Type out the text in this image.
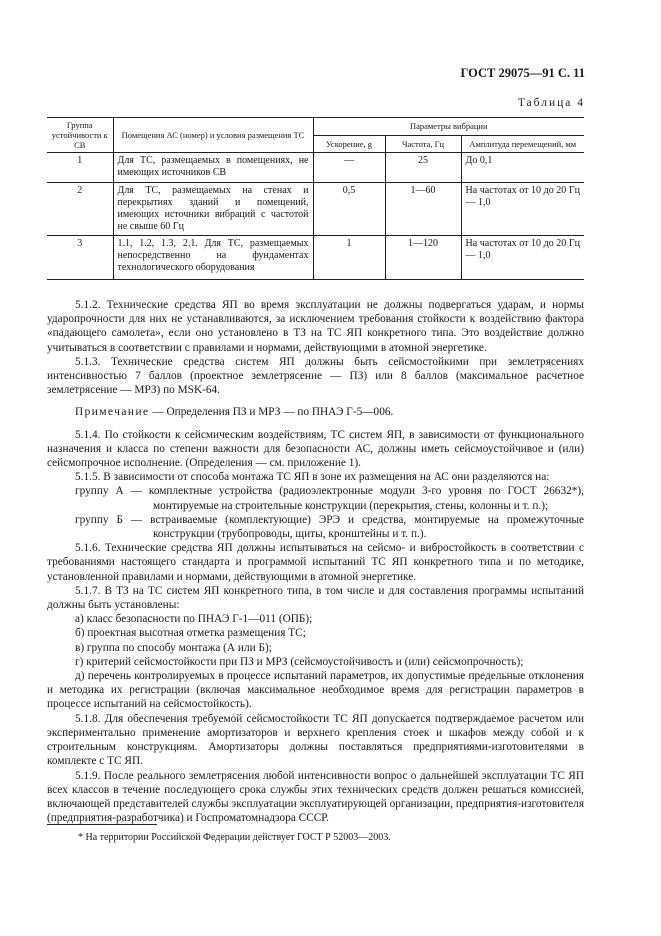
ГОСТ 29075—91 С. 11
Таблица 4
Группа устойчивости к СВ	Помещения АС (номер) и условия размещения ТС	Параметры вибрации		
		Ускорение, g	Частота, Гц	Амплитуда перемещений, мм
1	Для ТС, размещаемых в помещениях, не имеющих источников СВ	—	25	До 0,1
2	Для ТС, размещаемых на стенах и перекрытиях зданий и помещений, имеющих источники вибраций с частотой не свыше 60 Гц	0,5	1—60	На частотах от 10 до 20 Гц — 1,0
3	1.1, 1.2, 1.3, 2.1. Для ТС, размещаемых непосредственно на фундаментах технологического оборудования	1	1—120	На частотах от 10 до 20 Гц — 1,0

5.1.2. Технические средства ЯП во время эксплуатации не должны подвергаться ударам, и нормы ударопрочности для них не устанавливаются, за исключением требования стойкости к воздействию фактора «падающего самолета», если оно установлено в ТЗ на ТС ЯП конкретного типа. Это воздействие должно учитываться в соответствии с правилами и нормами, действующими в атомной энергетике.

5.1.3. Технические средства систем ЯП должны быть сейсмостойкими при землетрясениях интенсивностью 7 баллов (проектное землетрясение — ПЗ) или 8 баллов (максимальное расчетное землетрясение — МРЗ) по MSK-64.

Примечание — Определения ПЗ и МРЗ — по ПНАЭ Г-5—006.

5.1.4. По стойкости к сейсмическим воздействиям, ТС систем ЯП, в зависимости от функционального назначения и класса по степени важности для безопасности АС, должны иметь сейсмоустойчивое и (или) сейсмопрочное исполнение. (Определения — см. приложение 1).

5.1.5. В зависимости от способа монтажа ТС ЯП в зоне их размещения на АС они разделяются на:

группу А — комплектные устройства (радиоэлектронные модули 3-го уровня по ГОСТ 26632*), монтируемые на строительные конструкции (перекрытия, стены, колонны и т. п.);

группу Б — встраиваемые (комплектующие) ЭРЭ и средства, монтируемые на промежуточные конструкции (трубопроводы, щиты, кронштейны и т. п.).

5.1.6. Технические средства ЯП должны испытываться на сейсмо- и вибростойкость в соответствии с требованиями настоящего стандарта и программой испытаний ТС ЯП конкретного типа и по методике, установленной правилами и нормами, действующими в атомной энергетике.

5.1.7. В ТЗ на ТС систем ЯП конкретного типа, в том числе и для составления программы испытаний должны быть установлены:

а) класс безопасности по ПНАЭ Г-1—011 (ОПБ);

б) проектная высотная отметка размещения ТС;

в) группа по способу монтажа (А или Б);

г) критерий сейсмостойкости при ПЗ и МРЗ (сейсмоустойчивость и (или) сейсмопрочность);

д) перечень контролируемых в процессе испытаний параметров, их допустимые предельные отклонения и методика их регистрации (включая максимальное необходимое время для регистрации параметров в процессе испытаний на сейсмостойкость).

5.1.8. Для обеспечения требуемой сейсмостойкости ТС ЯП допускается подтверждаемое расчетом или экспериментально применение амортизаторов и верхнего крепления стоек и шкафов между собой и к строительным конструкциям. Амортизаторы должны поставляться предприятиями-изготовителями в комплекте с ТС ЯП.

5.1.9. После реального землетрясения любой интенсивности вопрос о дальнейшей эксплуатации ТС ЯП всех классов в течение последующего срока службы этих технических средств должен решаться комиссией, включающей представителей службы эксплуатации эксплуатирующей организации, предприятия-изготовителя (предприятия-разработчика) и Госпроматомнадзора СССР.

* На территории Российской Федерации действует ГОСТ Р 52003—2003.
